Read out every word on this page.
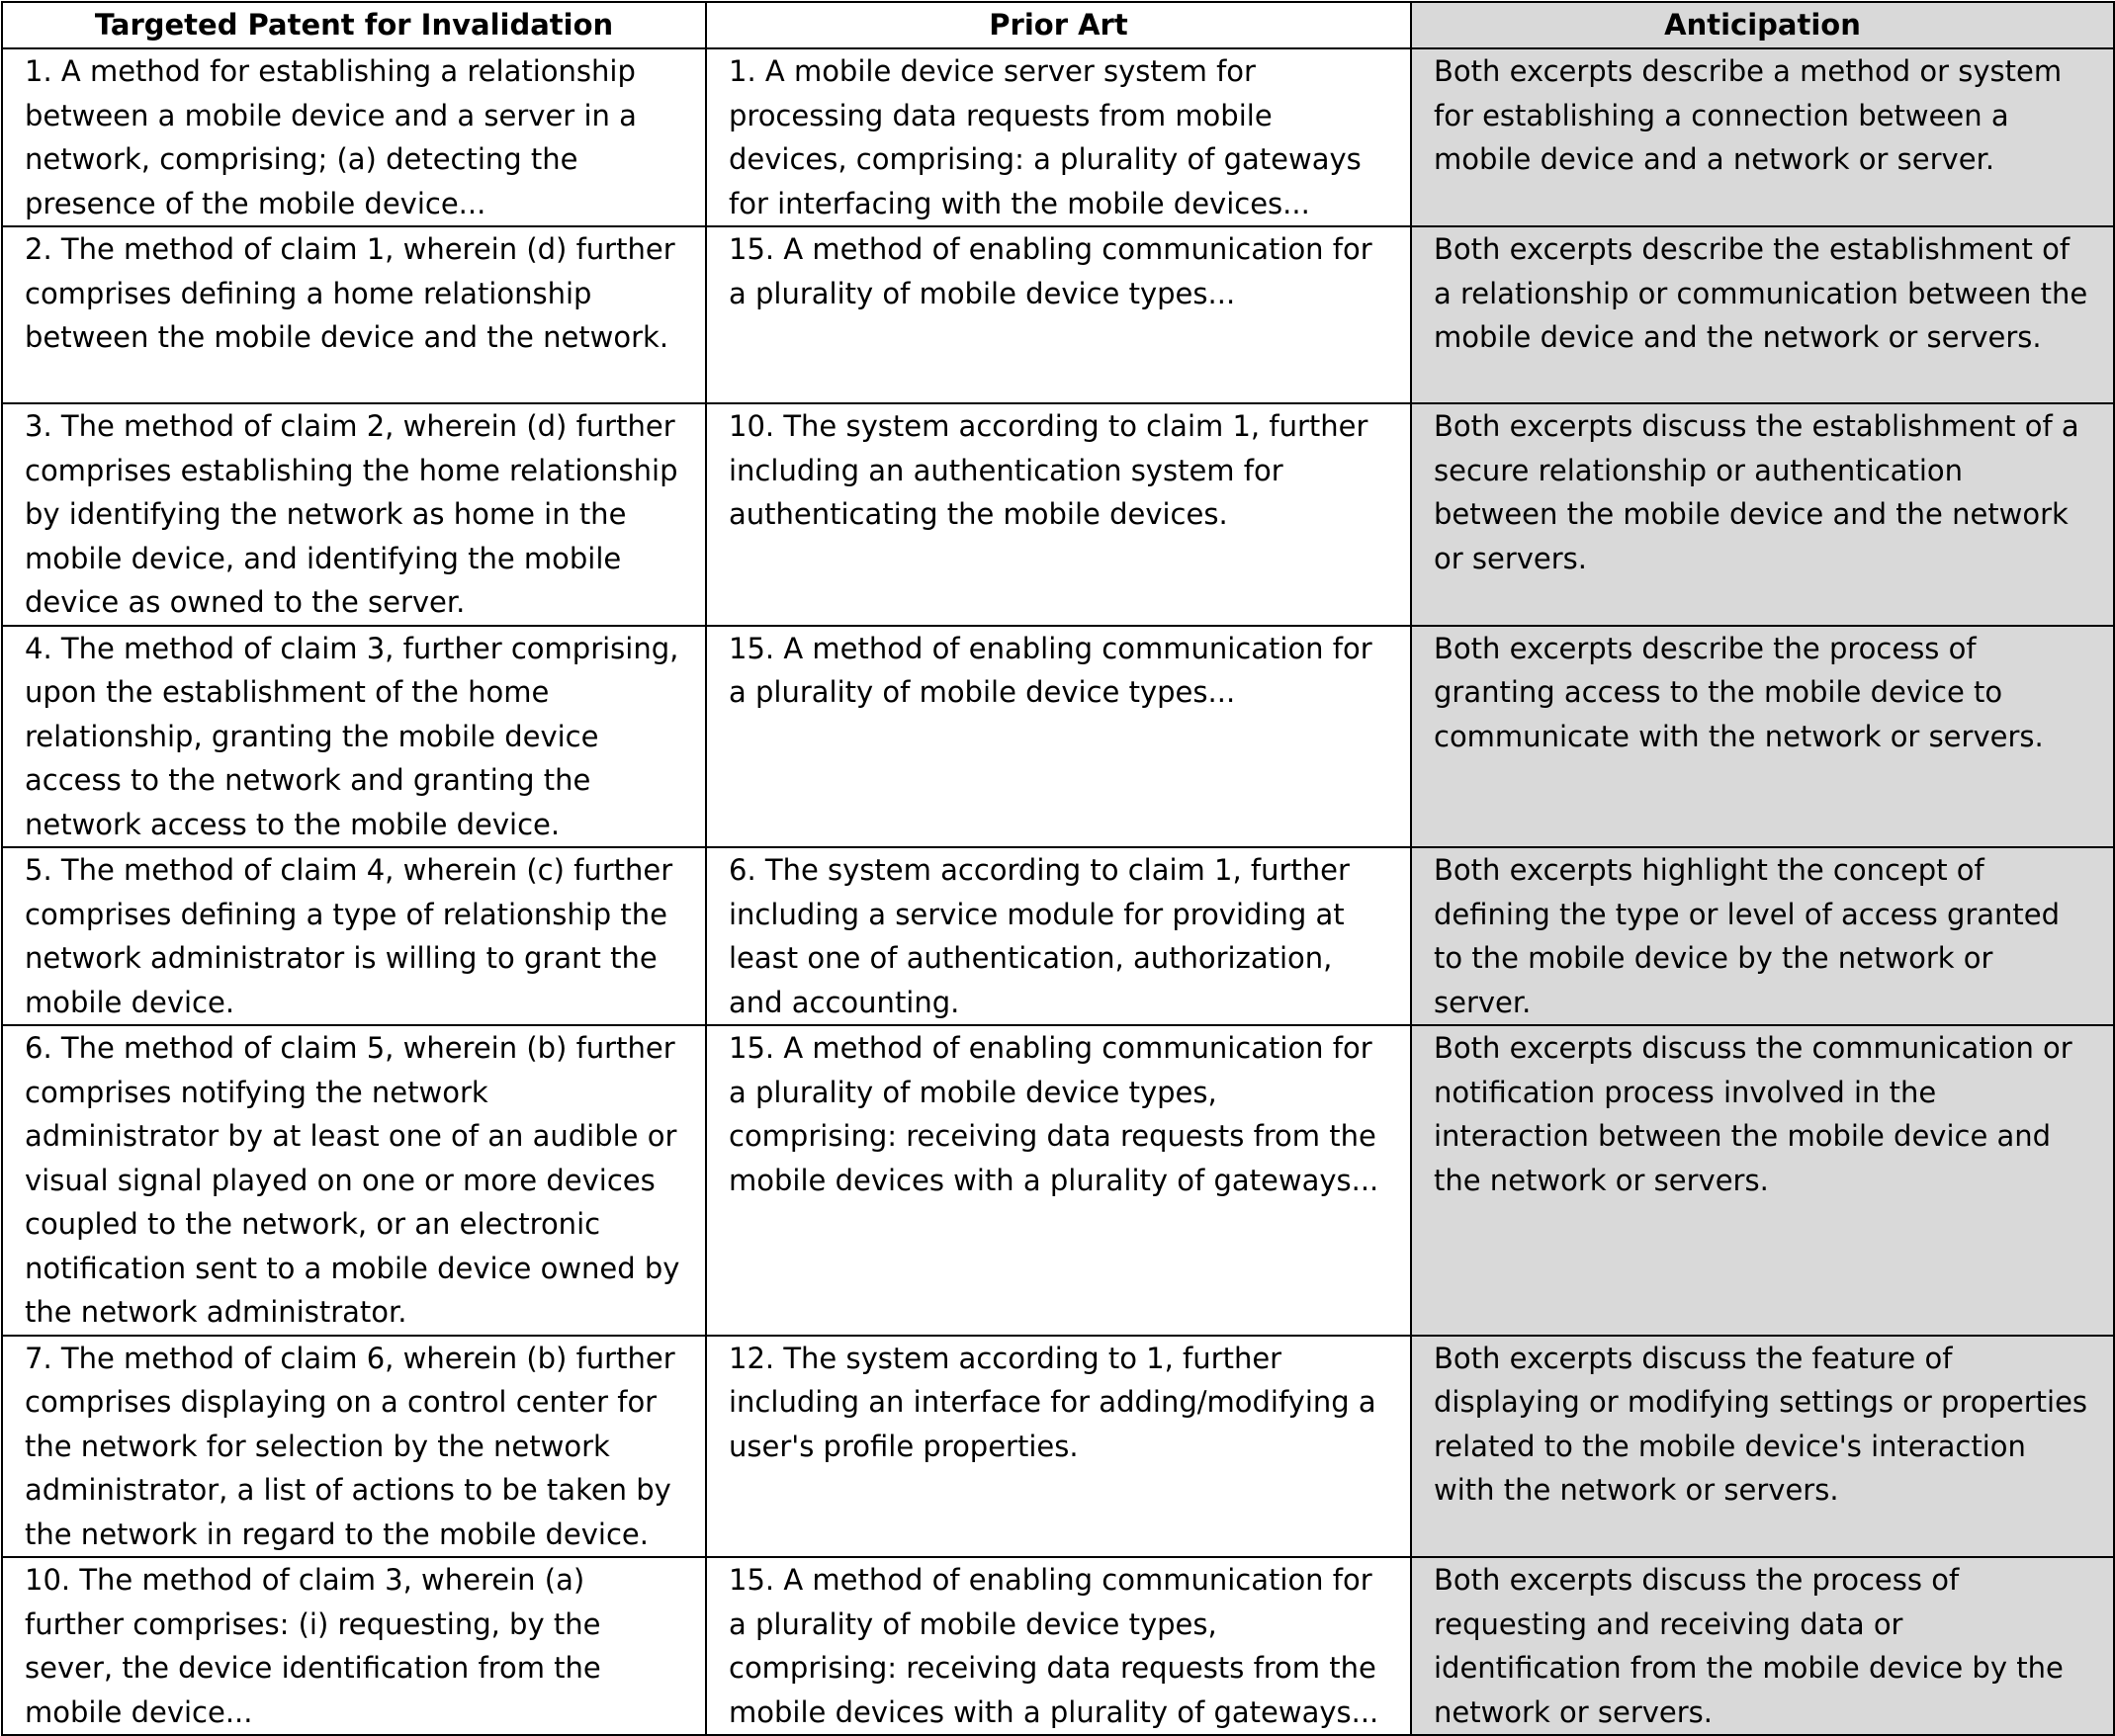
Targeted Patent for Invalidation	Prior Art	Anticipation
1. A method for establishing a relationship between a mobile device and a server in a network, comprising; (a) detecting the presence of the mobile device...	1. A mobile device server system for processing data requests from mobile devices, comprising: a plurality of gateways for interfacing with the mobile devices...	Both excerpts describe a method or system for establishing a connection between a mobile device and a network or server.
2. The method of claim 1, wherein (d) further comprises defining a home relationship between the mobile device and the network.	15. A method of enabling communication for a plurality of mobile device types...	Both excerpts describe the establishment of a relationship or communication between the mobile device and the network or servers.
3. The method of claim 2, wherein (d) further comprises establishing the home relationship by identifying the network as home in the mobile device, and identifying the mobile device as owned to the server.	10. The system according to claim 1, further including an authentication system for authenticating the mobile devices.	Both excerpts discuss the establishment of a secure relationship or authentication between the mobile device and the network or servers.
4. The method of claim 3, further comprising, upon the establishment of the home relationship, granting the mobile device access to the network and granting the network access to the mobile device.	15. A method of enabling communication for a plurality of mobile device types...	Both excerpts describe the process of granting access to the mobile device to communicate with the network or servers.
5. The method of claim 4, wherein (c) further comprises defining a type of relationship the network administrator is willing to grant the mobile device.	6. The system according to claim 1, further including a service module for providing at least one of authentication, authorization, and accounting.	Both excerpts highlight the concept of defining the type or level of access granted to the mobile device by the network or server.
6. The method of claim 5, wherein (b) further comprises notifying the network administrator by at least one of an audible or visual signal played on one or more devices coupled to the network, or an electronic notification sent to a mobile device owned by the network administrator.	15. A method of enabling communication for a plurality of mobile device types, comprising: receiving data requests from the mobile devices with a plurality of gateways...	Both excerpts discuss the communication or notification process involved in the interaction between the mobile device and the network or servers.
7. The method of claim 6, wherein (b) further comprises displaying on a control center for the network for selection by the network administrator, a list of actions to be taken by the network in regard to the mobile device.	12. The system according to 1, further including an interface for adding/modifying a user's profile properties.	Both excerpts discuss the feature of displaying or modifying settings or properties related to the mobile device's interaction with the network or servers.
10. The method of claim 3, wherein (a) further comprises: (i) requesting, by the sever, the device identification from the mobile device...	15. A method of enabling communication for a plurality of mobile device types, comprising: receiving data requests from the mobile devices with a plurality of gateways...	Both excerpts discuss the process of requesting and receiving data or identification from the mobile device by the network or servers.
